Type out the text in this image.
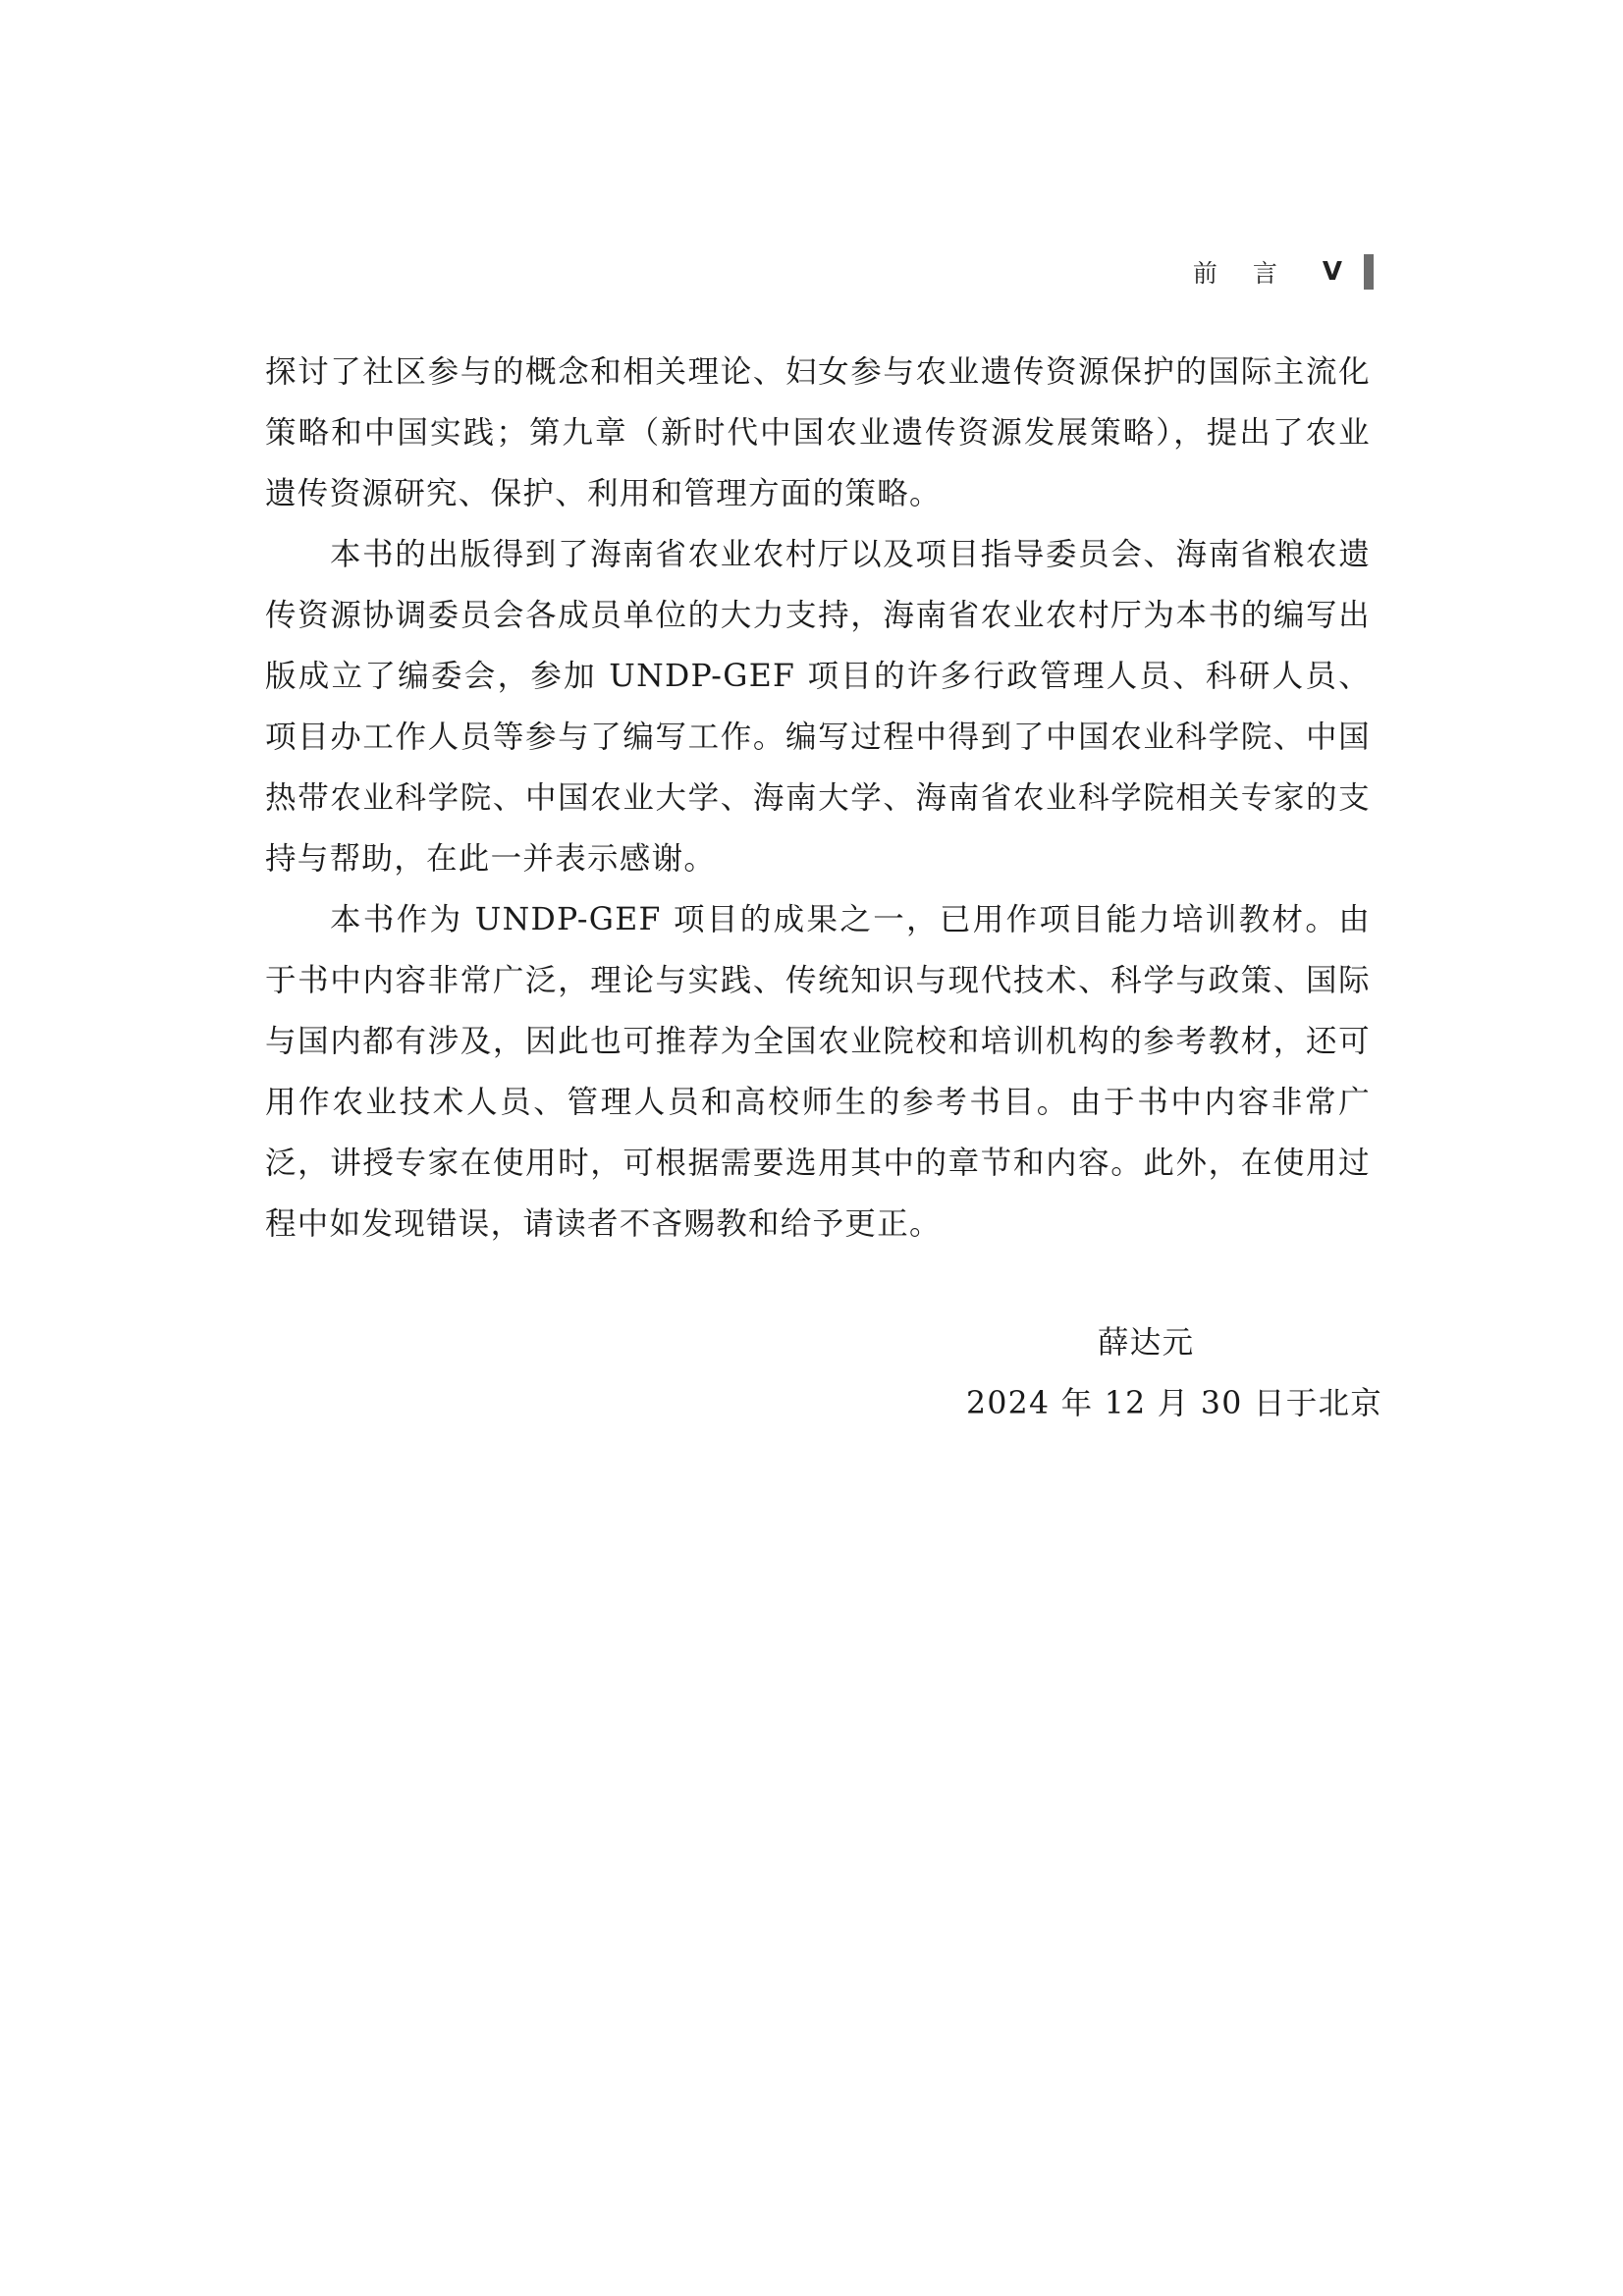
前 言 V

探讨了社区参与的概念和相关理论、妇女参与农业遗传资源保护的国际主流化策略和中国实践；第九章（新时代中国农业遗传资源发展策略），提出了农业遗传资源研究、保护、利用和管理方面的策略。

本书的出版得到了海南省农业农村厅以及项目指导委员会、海南省粮农遗传资源协调委员会各成员单位的大力支持，海南省农业农村厅为本书的编写出版成立了编委会，参加 UNDP-GEF 项目的许多行政管理人员、科研人员、项目办工作人员等参与了编写工作。编写过程中得到了中国农业科学院、中国热带农业科学院、中国农业大学、海南大学、海南省农业科学院相关专家的支持与帮助，在此一并表示感谢。

本书作为 UNDP-GEF 项目的成果之一，已用作项目能力培训教材。由于书中内容非常广泛，理论与实践、传统知识与现代技术、科学与政策、国际与国内都有涉及，因此也可推荐为全国农业院校和培训机构的参考教材，还可用作农业技术人员、管理人员和高校师生的参考书目。由于书中内容非常广泛，讲授专家在使用时，可根据需要选用其中的章节和内容。此外，在使用过程中如发现错误，请读者不吝赐教和给予更正。

薛达元
2024 年 12 月 30 日于北京
